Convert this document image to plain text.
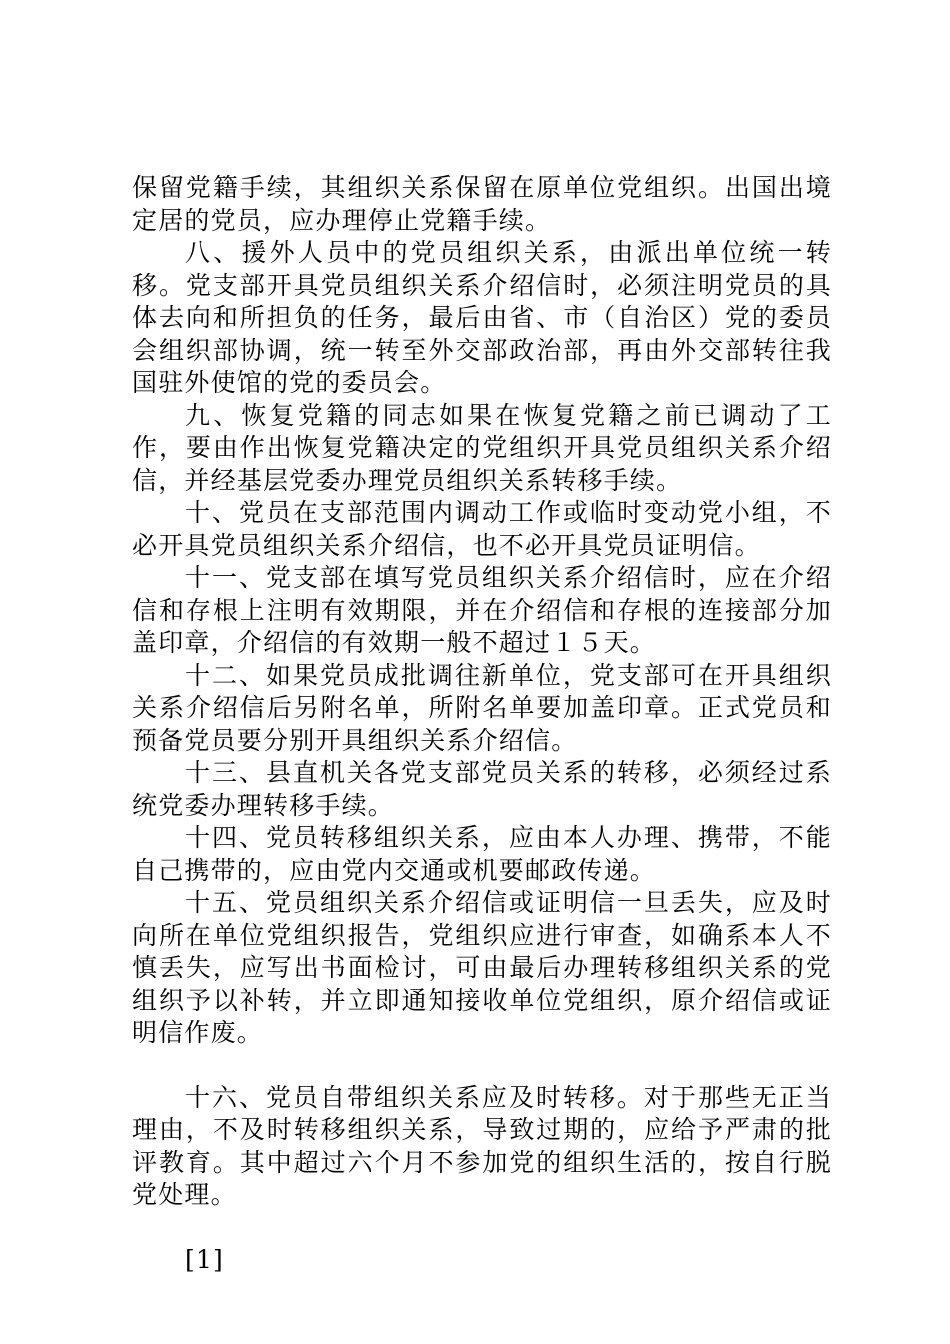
保留党籍手续，其组织关系保留在原单位党组织。出国出境定居的党员，应办理停止党籍手续。

八、援外人员中的党员组织关系，由派出单位统一转移。党支部开具党员组织关系介绍信时，必须注明党员的具体去向和所担负的任务，最后由省、市（自治区）党的委员会组织部协调，统一转至外交部政治部，再由外交部转往我国驻外使馆的党的委员会。

九、恢复党籍的同志如果在恢复党籍之前已调动了工作，要由作出恢复党籍决定的党组织开具党员组织关系介绍信，并经基层党委办理党员组织关系转移手续。

十、党员在支部范围内调动工作或临时变动党小组，不必开具党员组织关系介绍信，也不必开具党员证明信。

十一、党支部在填写党员组织关系介绍信时，应在介绍信和存根上注明有效期限，并在介绍信和存根的连接部分加盖印章，介绍信的有效期一般不超过１５天。

十二、如果党员成批调往新单位，党支部可在开具组织关系介绍信后另附名单，所附名单要加盖印章。正式党员和预备党员要分别开具组织关系介绍信。

十三、县直机关各党支部党员关系的转移，必须经过系统党委办理转移手续。

十四、党员转移组织关系，应由本人办理、携带，不能自己携带的，应由党内交通或机要邮政传递。

十五、党员组织关系介绍信或证明信一旦丢失，应及时向所在单位党组织报告，党组织应进行审查，如确系本人不慎丢失，应写出书面检讨，可由最后办理转移组织关系的党组织予以补转，并立即通知接收单位党组织，原介绍信或证明信作废。

十六、党员自带组织关系应及时转移。对于那些无正当理由，不及时转移组织关系，导致过期的，应给予严肃的批评教育。其中超过六个月不参加党的组织生活的，按自行脱党处理。

[1]
